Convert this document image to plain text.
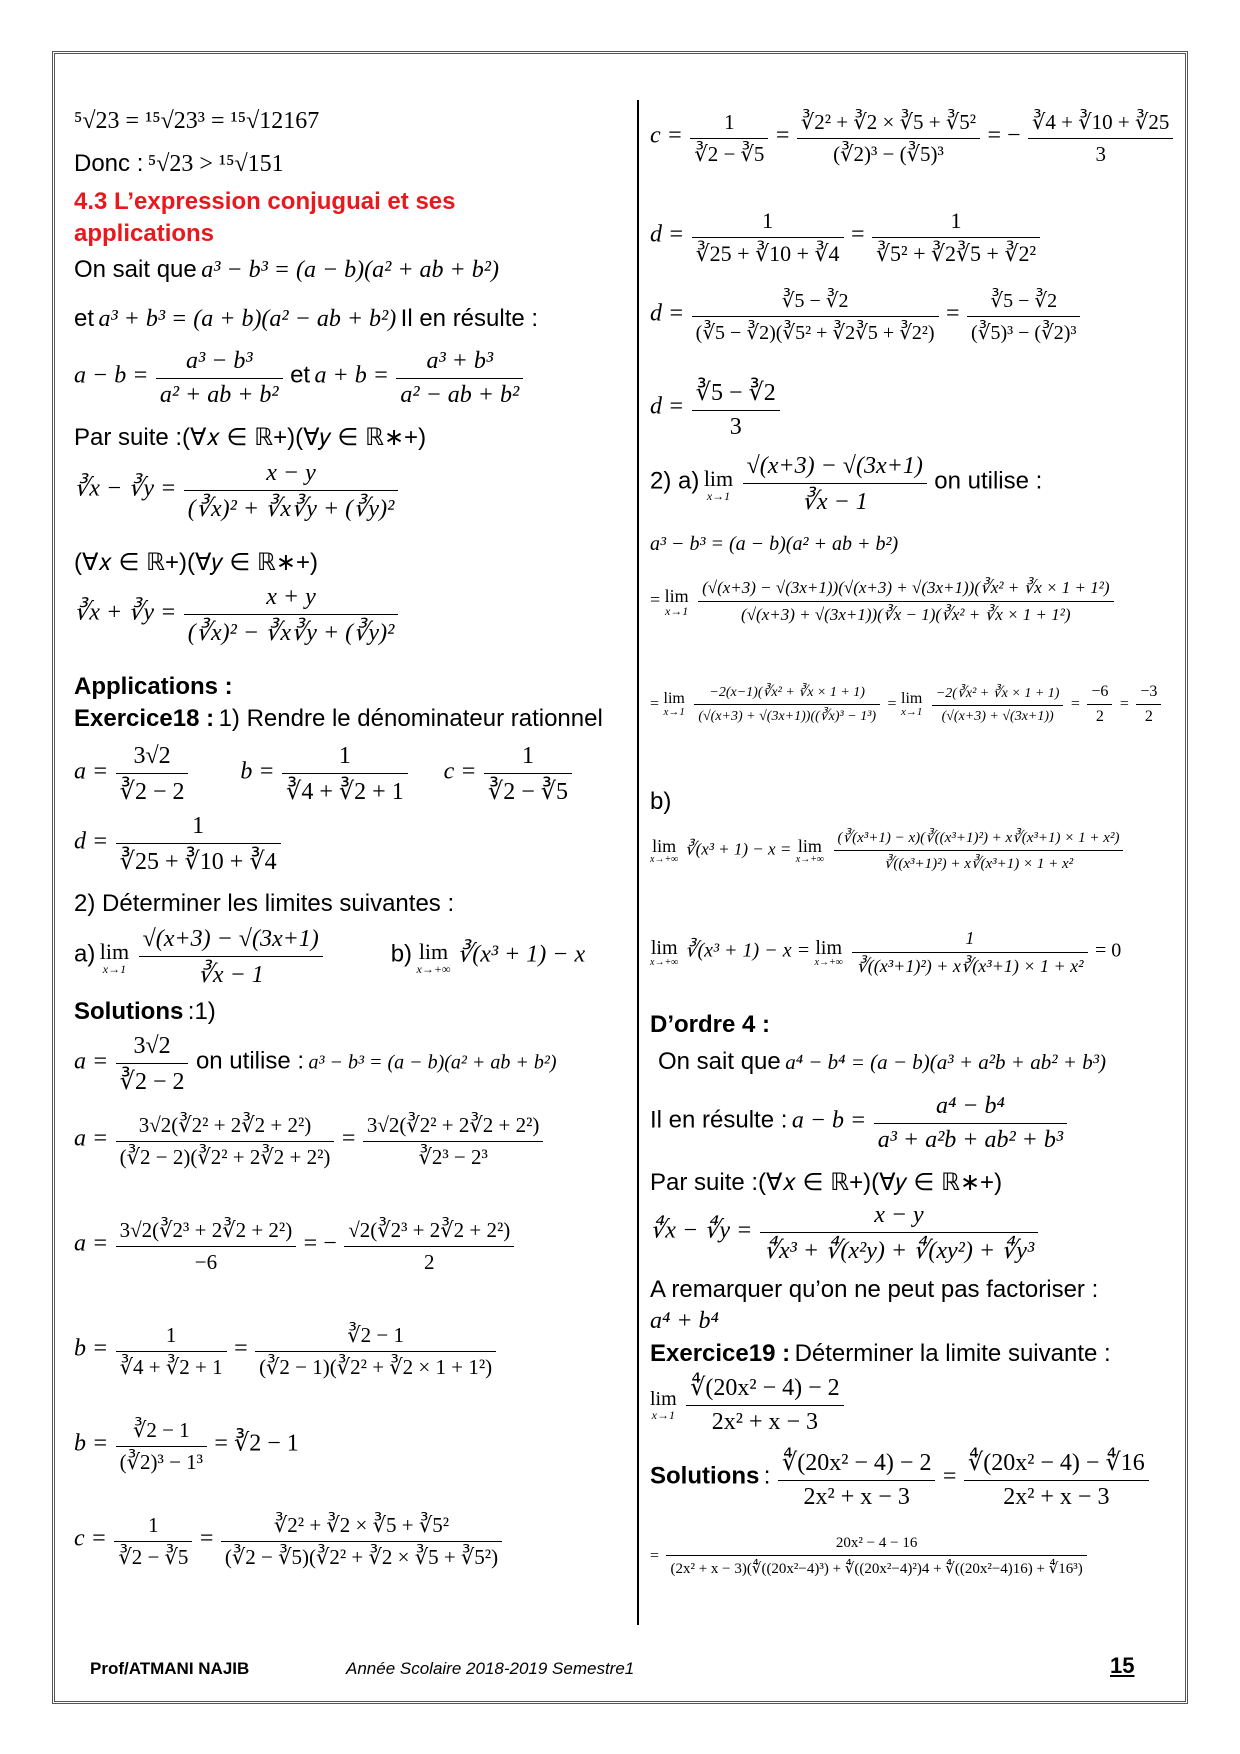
⁵√23 = ¹⁵√23³ = ¹⁵√12167
Donc : ⁵√23 > ¹⁵√151
4.3 L’expression conjuguai et ses
applications
On sait que a³ − b³ = (a − b)(a² + ab + b²)
et a³ + b³ = (a + b)(a² − ab + b²) Il en résulte :
$a - b = \frac{\text{a³ − b³}}{\text{a² + ab + b²}}$ et $a + b = \frac{\text{a³ + b³}}{\text{a² − ab + b²}}$
Par suite :(∀𝑥 ∈ ℝ+)(∀𝑦 ∈ ℝ∗+)
∛x − ∛y = $\frac{x - y}{\text{(∛x)² + ∛x∛y + (∛y)²}}$
(∀𝑥 ∈ ℝ+)(∀𝑦 ∈ ℝ∗+)
∛x + ∛y = $\frac{x + y}{\text{(∛x)² − ∛x∛y + (∛y)²}}$
Applications :
Exercice18 : 1) Rendre le dénominateur rationnel
$a = \frac{3√2}{∛2 - 2}$ $b = \frac{1}{∛4 + ∛2 + 1}$ $c = \frac{1}{∛2 - ∛5}$
$d = \frac{1}{∛25 + ∛10 + ∛4}$
2) Déterminer les limites suivantes :
a) lim
x→1
$\frac{√(x+3) - √(3x+1)}{∛x - 1}$	b) lim
x→+∞
∛(x³ + 1) − x
Solutions :1)
$a = \frac{3√2}{∛2 - 2}$ on utilise : a³ − b³ = (a − b)(a² + ab + b²)
$a = \frac{\text{3√2(∛2² + 2∛2 + 2²)}}{\text{(∛2 − 2)(∛2² + 2∛2 + 2²)}} = \frac{\text{3√2(∛2² + 2∛2 + 2²)}}{\text{∛2³ − 2³}}$
$a = \frac{\text{3√2(∛2³ + 2∛2 + 2²)}}{-6}$ = − $\frac{\text{√2(∛2³ + 2∛2 + 2²)}}{2}$
$b = \frac{1}{∛4 + ∛2 + 1} = \frac{∛2 - 1}{\text{(∛2 − 1)(∛2² + ∛2 × 1 + 1²)}}$
$b = \frac{∛2 - 1}{\text{(∛2)³ − 1³}}$ = ∛2 − 1
$c = \frac{1}{∛2 - ∛5} = \frac{\text{∛2² + ∛2 × ∛5 + ∛5²}}{\text{(∛2 − ∛5)(∛2² + ∛2 × ∛5 + ∛5²)}}$
$c = \frac{1}{∛2 - ∛5} = \frac{\text{∛2² + ∛2 × ∛5 + ∛5²}}{\text{(∛2)³ − (∛5)³}}$ = − $\frac{∛4 + ∛10 + ∛25}{3}$
$d = \frac{1}{∛25 + ∛10 + ∛4} = \frac{1}{\text{∛5² + ∛2∛5 + ∛2²}}$
$d = \frac{∛5 - ∛2}{\text{(∛5 − ∛2)(∛5² + ∛2∛5 + ∛2²)}} = \frac{∛5 - ∛2}{\text{(∛5)³ − (∛2)³}}$
$d = \frac{∛5 - ∛2}{3}$
2) a) lim
x→1
$\frac{√(x+3) - √(3x+1)}{∛x - 1}$ on utilise :
a³ − b³ = (a − b)(a² + ab + b²)
= lim
x→1
$\frac{\text{(√(x+3) − √(3x+1))(√(x+3) + √(3x+1))(∛x² + ∛x × 1 + 1²)}}{\text{(√(x+3) + √(3x+1))(∛x − 1)(∛x² + ∛x × 1 + 1²)}}$
= lim
x→1
$\frac{\text{−2(x−1)(∛x² + ∛x × 1 + 1)}}{\text{(√(x+3) + √(3x+1))((∛x)³ − 1³)}} = \lim$
x→1
$\frac{\text{−2(∛x² + ∛x × 1 + 1)}}{(√(x+3) + √(3x+1))} = \frac{-6}{2} = \frac{-3}{2}$
b)
lim
x→+∞
∛(x³ + 1) − x = lim
x→+∞
$\frac{\text{(∛(x³+1) − x)(∛((x³+1)²) + x∛(x³+1) × 1 + x²)}}{\text{∛((x³+1)²) + x∛(x³+1) × 1 + x²}}$
lim
x→+∞
∛(x³ + 1) − x = lim
x→+∞
$\frac{1}{\text{∛((x³+1)²) + x∛(x³+1) × 1 + x²}} = 0$
D’ordre 4 :
On sait que a⁴ − b⁴ = (a − b)(a³ + a²b + ab² + b³)
Il en résulte : $a - b = \frac{\text{a⁴ − b⁴}}{\text{a³ + a²b + ab² + b³}}$
Par suite :(∀𝑥 ∈ ℝ+)(∀𝑦 ∈ ℝ∗+)
∜x − ∜y = $\frac{x - y}{\text{∜x³ + ∜(x²y) + ∜(xy²) + ∜y³}}$
A remarquer qu’on ne peut pas factoriser :
a⁴ + b⁴
Exercice19 : Déterminer la limite suivante :
lim
x→1
$\frac{\text{∜(20x² − 4) − 2}}{\text{2x² + x − 3}}$
Solutions : $\frac{\text{∜(20x² − 4) − 2}}{\text{2x² + x − 3}} = \frac{\text{∜(20x² − 4) − ∜16}}{\text{2x² + x − 3}}$
=
20x² − 4 − 16
(2x² + x − 3)(∜((20x²−4)³) + ∜((20x²−4)²)4 + ∜((20x²−4)16) + ∜16³)
Prof/ATMANI NAJIB	Année Scolaire 2018-2019 Semestre1	15
